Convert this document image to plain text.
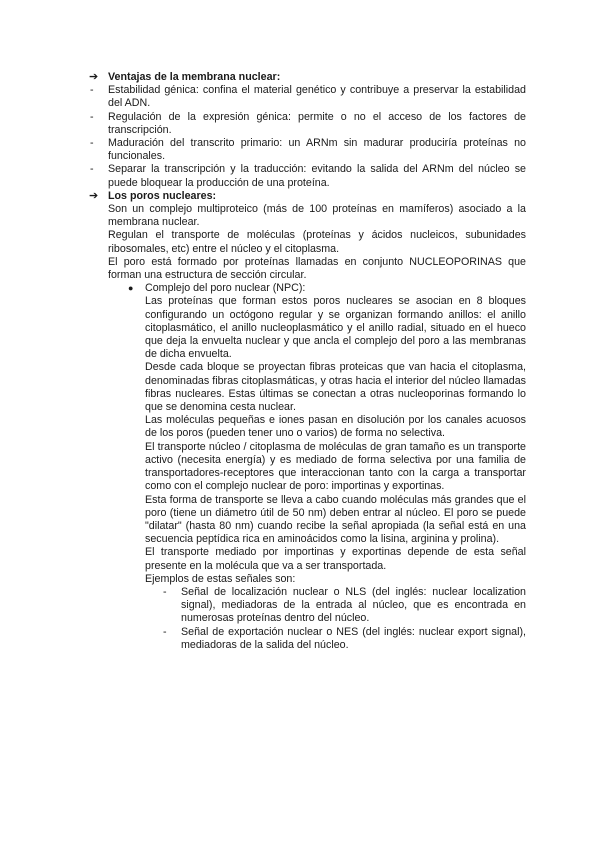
➔ Ventajas de la membrana nuclear:
- Estabilidad génica: confina el material genético y contribuye a preservar la estabilidad del ADN.
- Regulación de la expresión génica: permite o no el acceso de los factores de transcripción.
- Maduración del transcrito primario: un ARNm sin madurar produciría proteínas no funcionales.
- Separar la transcripción y la traducción: evitando la salida del ARNm del núcleo se puede bloquear la producción de una proteína.
➔ Los poros nucleares:
Son un complejo multiproteico (más de 100 proteínas en mamíferos) asociado a la membrana nuclear.
Regulan el transporte de moléculas (proteínas y ácidos nucleicos, subunidades ribosomales, etc) entre el núcleo y el citoplasma.
El poro está formado por proteínas llamadas en conjunto NUCLEOPORINAS que forman una estructura de sección circular.
● Complejo del poro nuclear (NPC):
Las proteínas que forman estos poros nucleares se asocian en 8 bloques configurando un octógono regular y se organizan formando anillos: el anillo citoplasmático, el anillo nucleoplasmático y el anillo radial, situado en el hueco que deja la envuelta nuclear y que ancla el complejo del poro a las membranas de dicha envuelta.
Desde cada bloque se proyectan fibras proteicas que van hacia el citoplasma, denominadas fibras citoplasmáticas, y otras hacia el interior del núcleo llamadas fibras nucleares. Estas últimas se conectan a otras nucleoporinas formando lo que se denomina cesta nuclear.
Las moléculas pequeñas e iones pasan en disolución por los canales acuosos de los poros (pueden tener uno o varios) de forma no selectiva.
El transporte núcleo / citoplasma de moléculas de gran tamaño es un transporte activo (necesita energía) y es mediado de forma selectiva por una familia de transportadores-receptores que interaccionan tanto con la carga a transportar como con el complejo nuclear de poro: importinas y exportinas.
Esta forma de transporte se lleva a cabo cuando moléculas más grandes que el poro (tiene un diámetro útil de 50 nm) deben entrar al núcleo. El poro se puede "dilatar" (hasta 80 nm) cuando recibe la señal apropiada (la señal está en una secuencia peptídica rica en aminoácidos como la lisina, arginina y prolina).
El transporte mediado por importinas y exportinas depende de esta señal presente en la molécula que va a ser transportada.
Ejemplos de estas señales son:
- Señal de localización nuclear o NLS (del inglés: nuclear localization signal), mediadoras de la entrada al núcleo, que es encontrada en numerosas proteínas dentro del núcleo.
- Señal de exportación nuclear o NES (del inglés: nuclear export signal), mediadoras de la salida del núcleo.
